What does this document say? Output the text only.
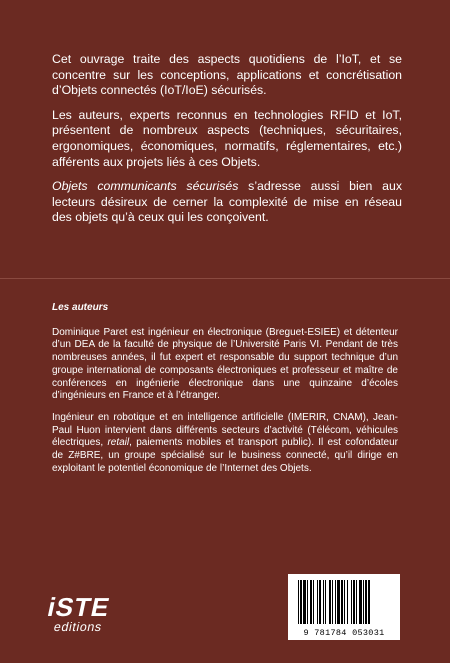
Cet ouvrage traite des aspects quotidiens de l’IoT, et se concentre sur les conceptions, applications et concrétisation d’Objets connectés (IoT/IoE) sécurisés.

Les auteurs, experts reconnus en technologies RFID et IoT, présentent de nombreux aspects (techniques, sécuritaires, ergonomiques, économiques, normatifs, réglementaires, etc.) afférents aux projets liés à ces Objets.

Objets communicants sécurisés s’adresse aussi bien aux lecteurs désireux de cerner la complexité de mise en réseau des objets qu’à ceux qui les conçoivent.

Les auteurs

Dominique Paret est ingénieur en électronique (Breguet-ESIEE) et détenteur d’un DEA de la faculté de physique de l’Université Paris VI. Pendant de très nombreuses années, il fut expert et responsable du support technique d’un groupe international de composants électroniques et professeur et maître de conférences en ingénierie électronique dans une quinzaine d’écoles d’ingénieurs en France et à l’étranger.

Ingénieur en robotique et en intelligence artificielle (IMERIR, CNAM), Jean-Paul Huon intervient dans différents secteurs d’activité (Télécom, véhicules électriques, retail, paiements mobiles et transport public). Il est cofondateur de Z#BRE, un groupe spécialisé sur le business connecté, qu’il dirige en exploitant le potentiel économique de l’Internet des Objets.

iSTE
editions	9 781784 053031
